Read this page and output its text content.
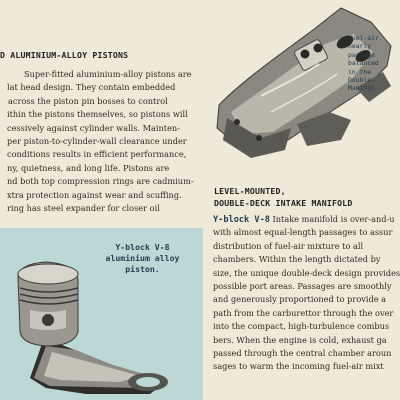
D ALUMINIUM-ALLOY PISTONS
Super-fitted aluminium-alloy pistons are
lat head design. They contain embedded
across the piston pin bosses to control
ithin the pistons themselves, so pistons will
cessively against cylinder walls. Mainten-
per piston-to-cylinder-wall clearance under
conditions results in efficient performance,
ny, quietness, and long life. Pistons are
nd both top compression rings are cadmium-
xtra protection against wear and scuffing.
ring has steel expander for closer oil
Fuel-air
nearly
passage
balanced
in the
Double-
Manifol
LEVEL-MOUNTED,
DOUBLE-DECK INTAKE MANIFOLD
Y-block V-8 Intake manifold is over-and-u
with almost equal-length passages to assur
distribution of fuel-air mixture to all
chambers. Within the length dictated by
size, the unique double-deck design provides
possible port areas. Passages are smoothly
and generously proportioned to provide a
path from the carburettor through the over
into the compact, high-turbulence combus
bers. When the engine is cold, exhaust ga
passed through the central chamber aroun
sages to warm the incoming fuel-air mixt
Y-block V-8
aluminium alloy
piston.
